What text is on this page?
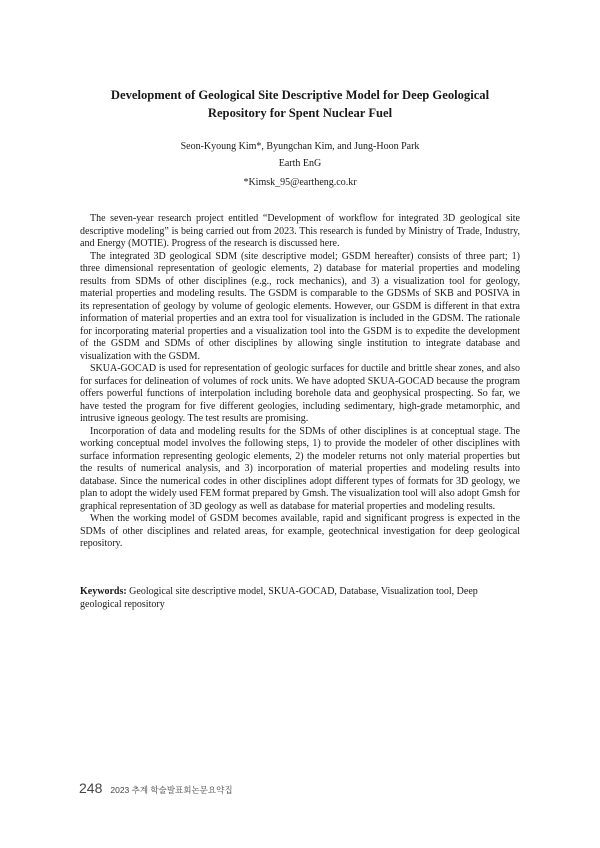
Development of Geological Site Descriptive Model for Deep Geological Repository for Spent Nuclear Fuel
Seon-Kyoung Kim*, Byungchan Kim, and Jung-Hoon Park
Earth EnG
*Kimsk_95@eartheng.co.kr

The seven-year research project entitled “Development of workflow for integrated 3D geological site descriptive modeling” is being carried out from 2023. This research is funded by Ministry of Trade, Industry, and Energy (MOTIE). Progress of the research is discussed here.

The integrated 3D geological SDM (site descriptive model; GSDM hereafter) consists of three part; 1) three dimensional representation of geologic elements, 2) database for material properties and modeling results from SDMs of other disciplines (e.g., rock mechanics), and 3) a visualization tool for geology, material properties and modeling results. The GSDM is comparable to the GDSMs of SKB and POSIVA in its representation of geology by volume of geologic elements. However, our GSDM is different in that extra information of material properties and an extra tool for visualization is included in the GDSM. The rationale for incorporating material properties and a visualization tool into the GSDM is to expedite the development of the GSDM and SDMs of other disciplines by allowing single institution to integrate database and visualization with the GSDM.

SKUA-GOCAD is used for representation of geologic surfaces for ductile and brittle shear zones, and also for surfaces for delineation of volumes of rock units. We have adopted SKUA-GOCAD because the program offers powerful functions of interpolation including borehole data and geophysical prospecting. So far, we have tested the program for five different geologies, including sedimentary, high-grade metamorphic, and intrusive igneous geology. The test results are promising.

Incorporation of data and modeling results for the SDMs of other disciplines is at conceptual stage. The working conceptual model involves the following steps, 1) to provide the modeler of other disciplines with surface information representing geologic elements, 2) the modeler returns not only material properties but the results of numerical analysis, and 3) incorporation of material properties and modeling results into database. Since the numerical codes in other disciplines adopt different types of formats for 3D geology, we plan to adopt the widely used FEM format prepared by Gmsh. The visualization tool will also adopt Gmsh for graphical representation of 3D geology as well as database for material properties and modeling results.

When the working model of GSDM becomes available, rapid and significant progress is expected in the SDMs of other disciplines and related areas, for example, geotechnical investigation for deep geological repository.

Keywords: Geological site descriptive model, SKUA-GOCAD, Database, Visualization tool, Deep geological repository
248 2023 추계 학술발표회논문요약집
